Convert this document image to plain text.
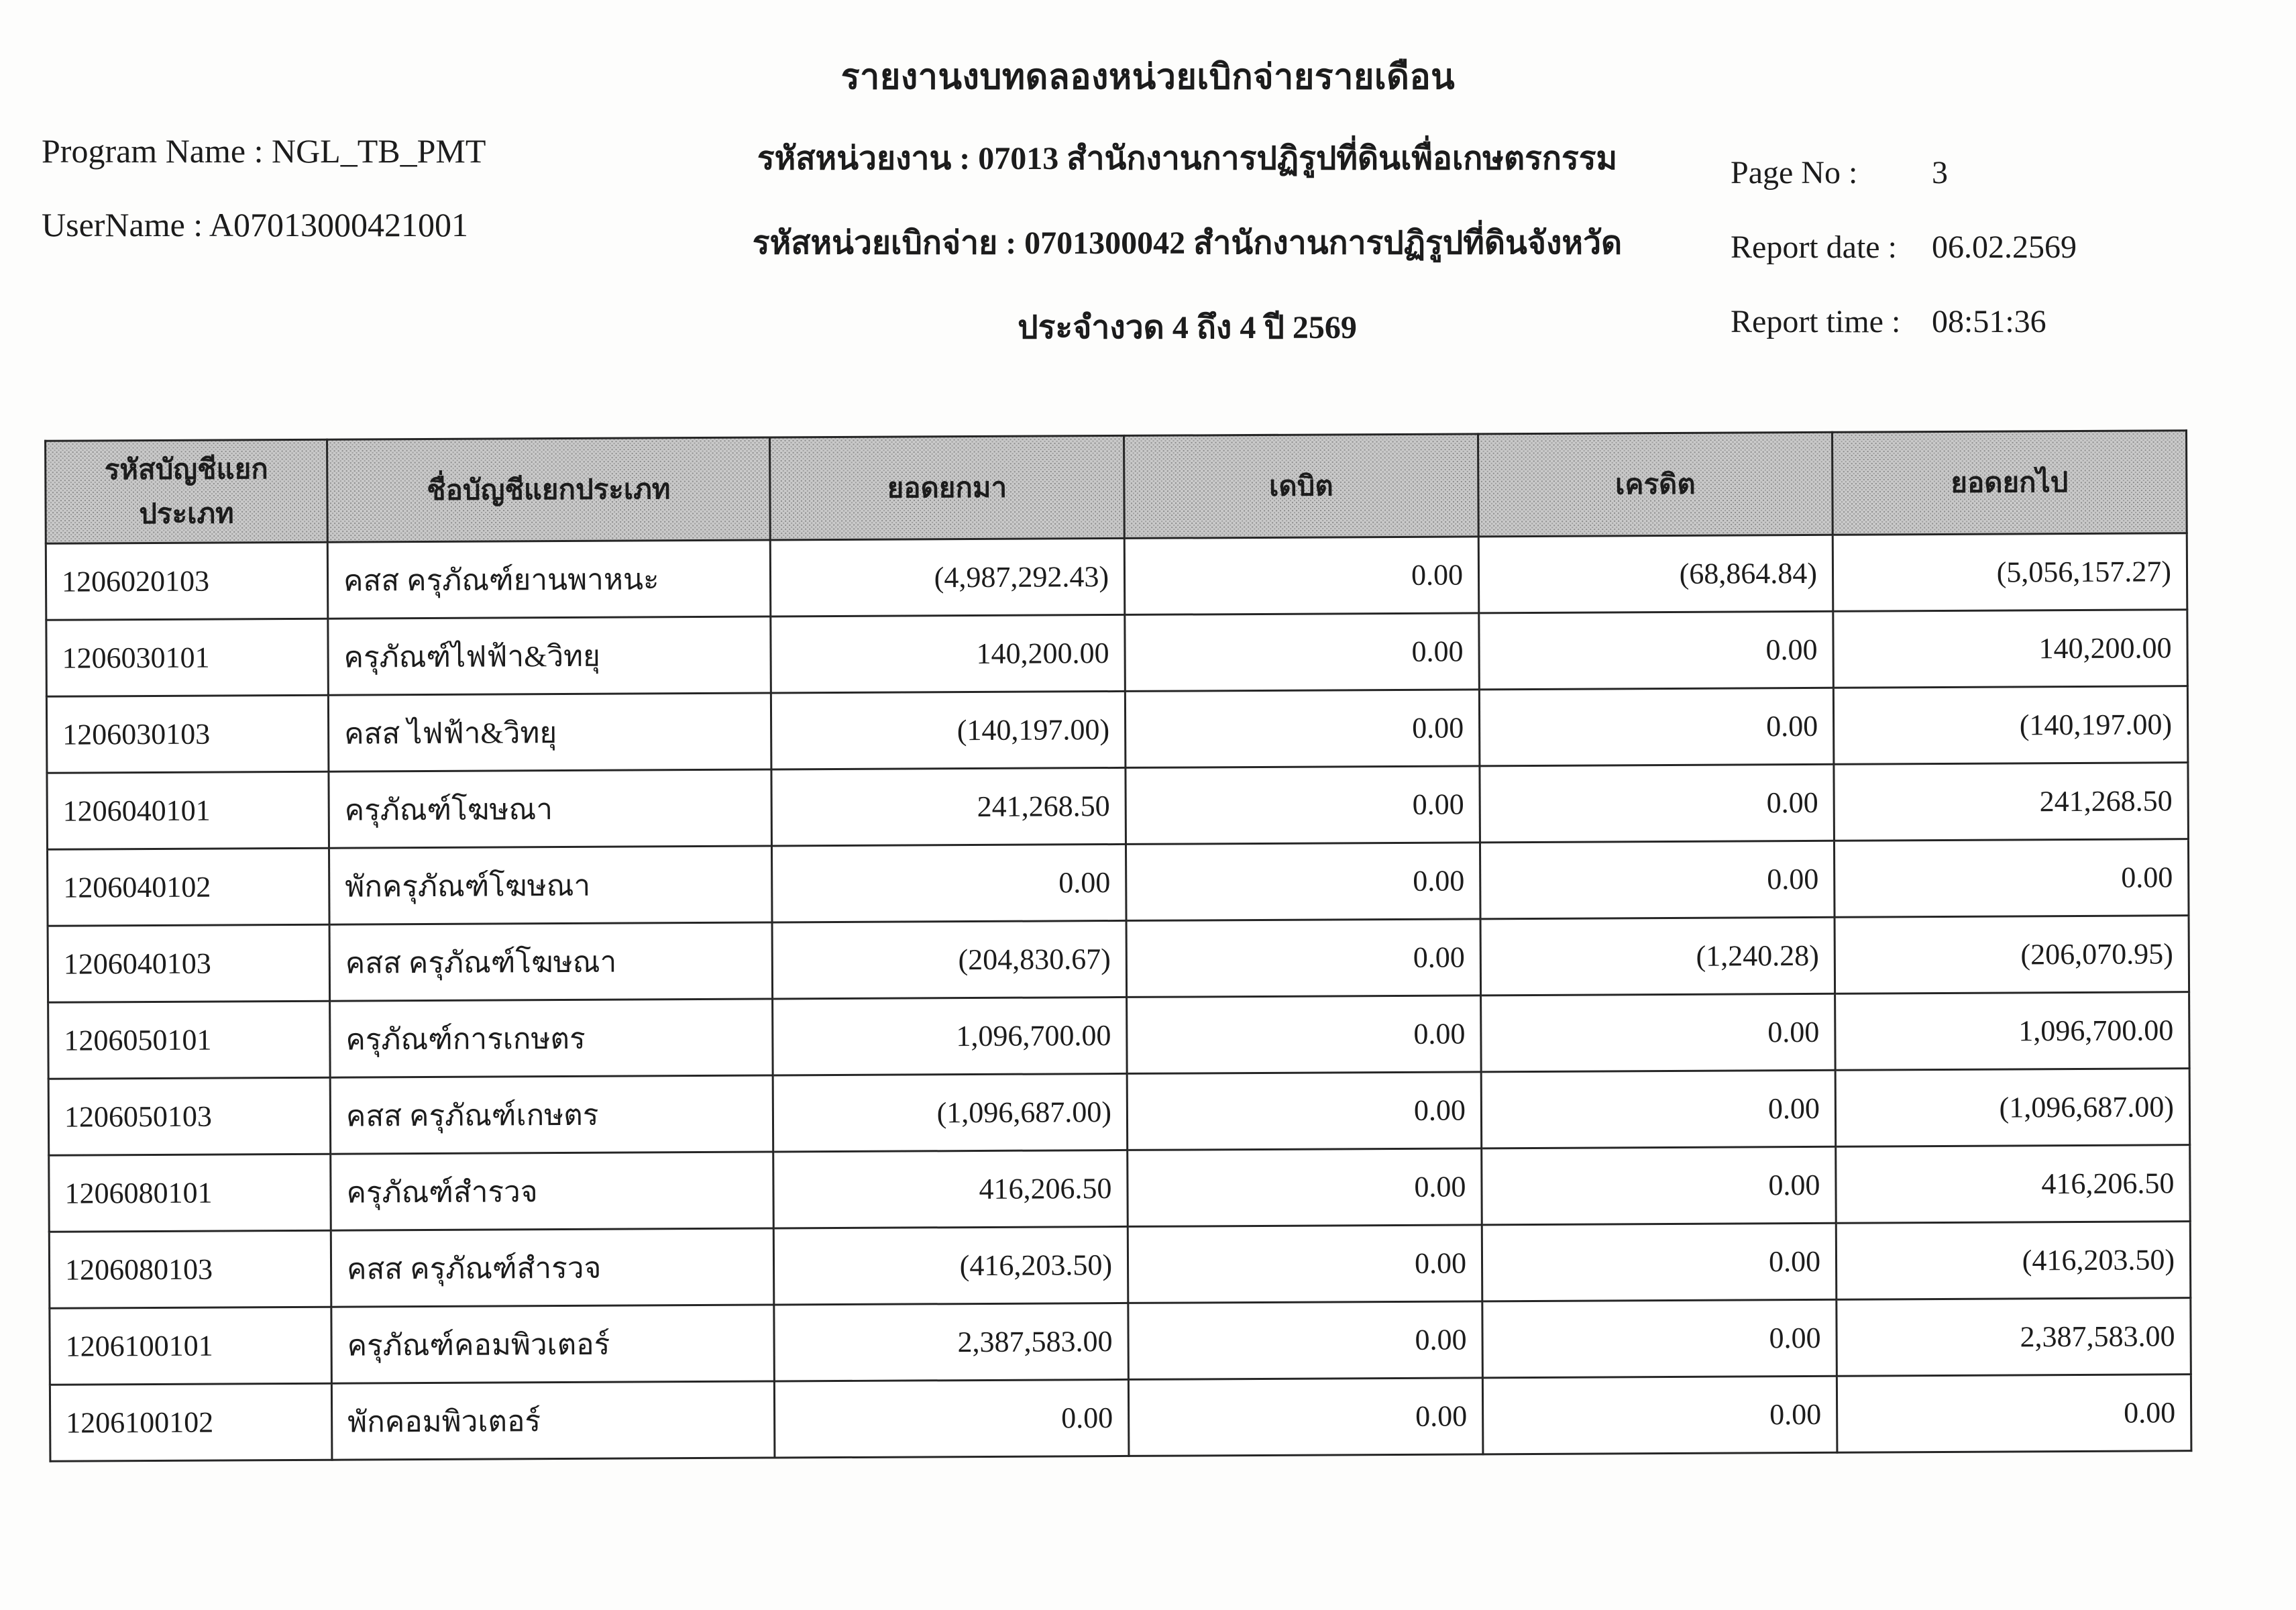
รายงานงบทดลองหน่วยเบิกจ่ายรายเดือน
Program Name : NGL_TB_PMT
UserName : A07013000421001
รหัสหน่วยงาน : 07013 สำนักงานการปฏิรูปที่ดินเพื่อเกษตรกรรม
รหัสหน่วยเบิกจ่าย : 0701300042 สำนักงานการปฏิรูปที่ดินจังหวัด
ประจำงวด 4 ถึง 4 ปี 2569
Page No :	3
Report date :	06.02.2569
Report time : 08:51:36
รหัสบัญชีแยกประเภท	ชื่อบัญชีแยกประเภท	ยอดยกมา	เดบิต	เครดิต	ยอดยกไป
1206020103	คสส ครุภัณฑ์ยานพาหนะ	(4,987,292.43)	0.00	(68,864.84)	(5,056,157.27)
1206030101	ครุภัณฑ์ไฟฟ้า&วิทยุ	140,200.00	0.00	0.00	140,200.00
1206030103	คสส ไฟฟ้า&วิทยุ	(140,197.00)	0.00	0.00	(140,197.00)
1206040101	ครุภัณฑ์โฆษณา	241,268.50	0.00	0.00	241,268.50
1206040102	พักครุภัณฑ์โฆษณา	0.00	0.00	0.00	0.00
1206040103	คสส ครุภัณฑ์โฆษณา	(204,830.67)	0.00	(1,240.28)	(206,070.95)
1206050101	ครุภัณฑ์การเกษตร	1,096,700.00	0.00	0.00	1,096,700.00
1206050103	คสส ครุภัณฑ์เกษตร	(1,096,687.00)	0.00	0.00	(1,096,687.00)
1206080101	ครุภัณฑ์สำรวจ	416,206.50	0.00	0.00	416,206.50
1206080103	คสส ครุภัณฑ์สำรวจ	(416,203.50)	0.00	0.00	(416,203.50)
1206100101	ครุภัณฑ์คอมพิวเตอร์	2,387,583.00	0.00	0.00	2,387,583.00
1206100102	พักคอมพิวเตอร์	0.00	0.00	0.00	0.00
